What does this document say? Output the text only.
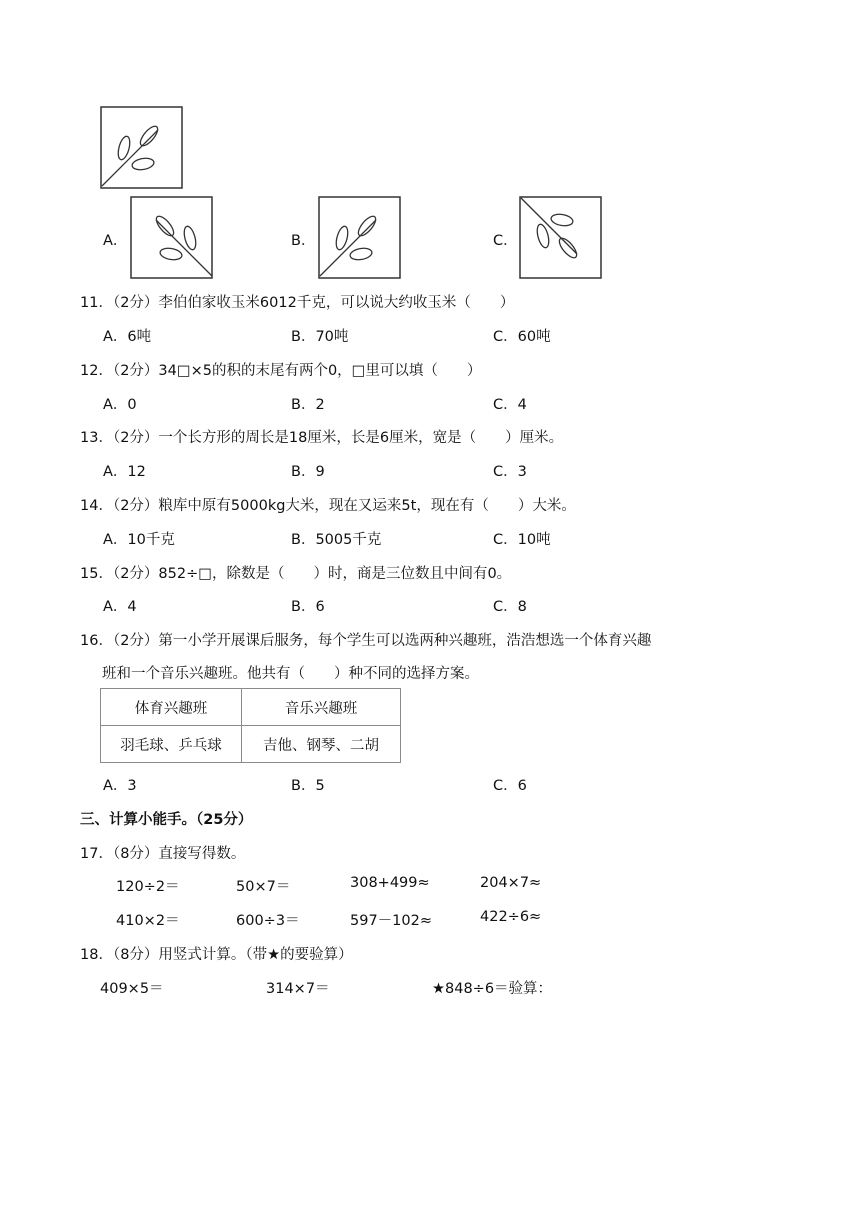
A．	B．	C．
11．（2分）李伯伯家收玉米6012千克，可以说大约收玉米（　　）
A．6吨	B．70吨	C．60吨
12．（2分）34□×5的积的末尾有两个0，□里可以填（　　）
A．0	B．2	C．4
13．（2分）一个长方形的周长是18厘米，长是6厘米，宽是（　　）厘米。
A．12	B．9	C．3
14．（2分）粮库中原有5000kg大米，现在又运来5t，现在有（　　）大米。
A．10千克	B．5005千克	C．10吨
15．（2分）852÷□，除数是（　　）时，商是三位数且中间有0。
A．4	B．6	C．8
16．（2分）第一小学开展课后服务，每个学生可以选两种兴趣班，浩浩想选一个体育兴趣
班和一个音乐兴趣班。他共有（　　）种不同的选择方案。
体育兴趣班	音乐兴趣班
羽毛球、乒乓球	吉他、钢琴、二胡
A．3	B．5	C．6
三、计算小能手。（25分）
17．（8分）直接写得数。
120÷2＝	50×7＝	308+499≈	204×7≈
410×2＝	600÷3＝	597－102≈	422÷6≈
18．（8分）用竖式计算。（带★的要验算）
409×5＝	314×7＝	★848÷6＝验算：
